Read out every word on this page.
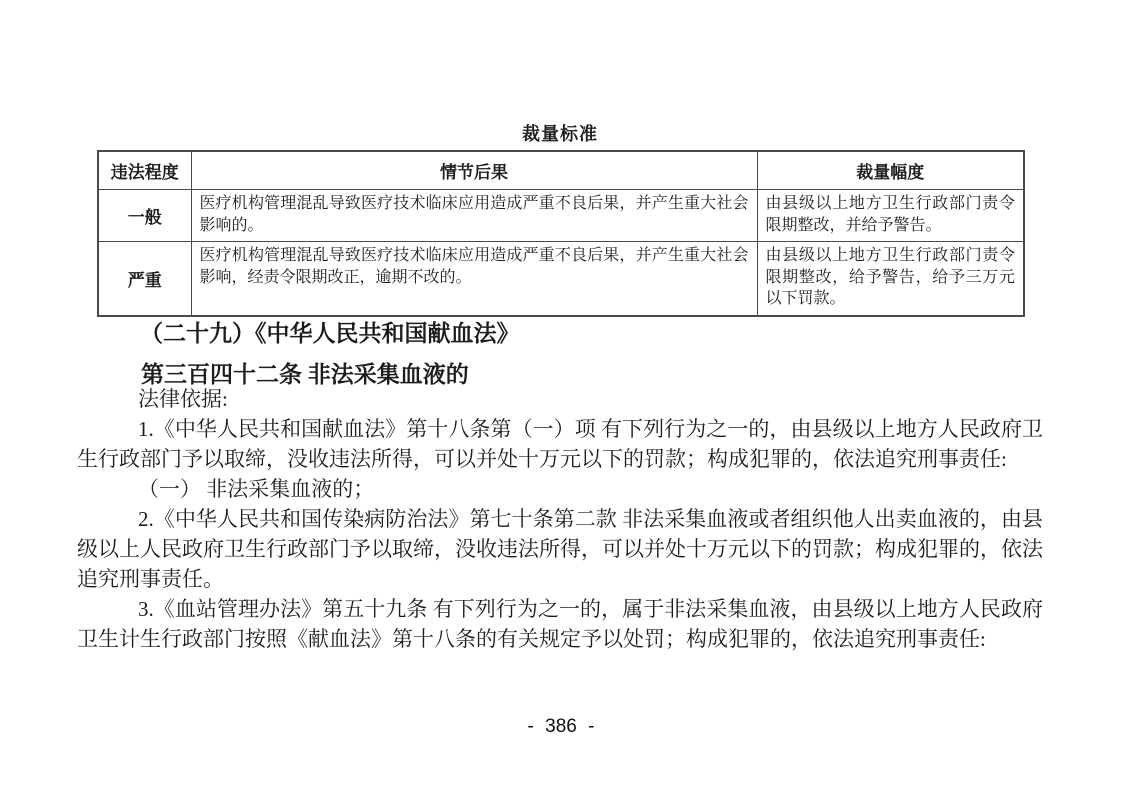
裁量标准
违法程度	情节后果	裁量幅度
一般	医疗机构管理混乱导致医疗技术临床应用造成严重不良后果，并产生重大社会影响的。	由县级以上地方卫生行政部门责令限期整改，并给予警告。
严重	医疗机构管理混乱导致医疗技术临床应用造成严重不良后果，并产生重大社会影响，经责令限期改正，逾期不改的。	由县级以上地方卫生行政部门责令限期整改，给予警告，给予三万元以下罚款。
（二十九）《中华人民共和国献血法》
第三百四十二条 非法采集血液的

法律依据:

1.《中华人民共和国献血法》第十八条第（一）项 有下列行为之一的，由县级以上地方人民政府卫生行政部门予以取缔，没收违法所得，可以并处十万元以下的罚款；构成犯罪的，依法追究刑事责任:

（一） 非法采集血液的；

2.《中华人民共和国传染病防治法》第七十条第二款 非法采集血液或者组织他人出卖血液的，由县级以上人民政府卫生行政部门予以取缔，没收违法所得，可以并处十万元以下的罚款；构成犯罪的，依法追究刑事责任。

3.《血站管理办法》第五十九条 有下列行为之一的，属于非法采集血液，由县级以上地方人民政府卫生计生行政部门按照《献血法》第十八条的有关规定予以处罚；构成犯罪的，依法追究刑事责任:

- 386 -
